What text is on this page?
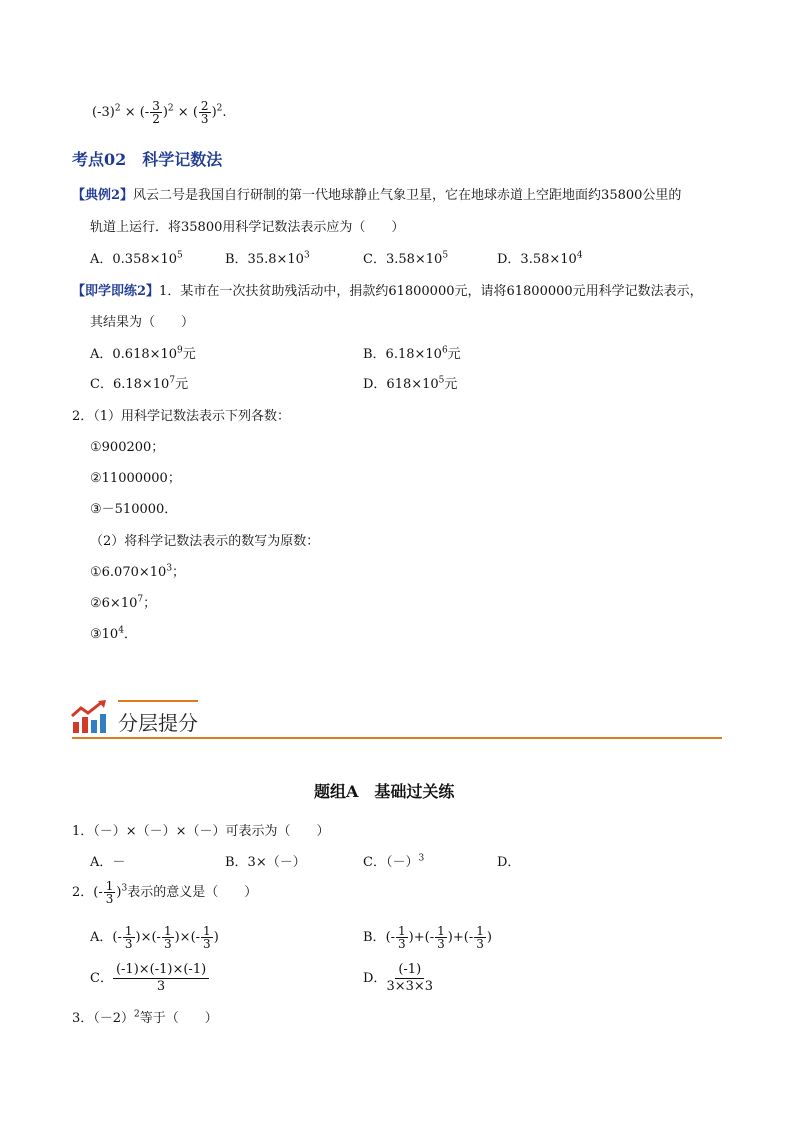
$(-3)^2$ × (- $\frac{3}{2} )^2$ × ( $\frac{2}{3} )^2$.
考点02　科学记数法
【典例2】风云二号是我国自行研制的第一代地球静止气象卫星，它在地球赤道上空距地面约35800公里的
轨道上运行．将35800用科学记数法表示应为（　　）
A．$0.358\times 10^5$	B．$35.8\times 10^3$	C．$3.58\times 10^5$	D．$3.58\times 10^4$
【即学即练2】1．某市在一次扶贫助残活动中，捐款约61800000元，请将61800000元用科学记数法表示，
其结果为（　　）
A．$0.618\times 10^9$元	B．$6.18\times 10^6$元
C．$6.18\times 10^7$元	D．$618\times 10^5$元
2．（1）用科学记数法表示下列各数：
①900200；
②11000000；
③－510000．
（2）将科学记数法表示的数写为原数：
$①6.070\times 10^3$；
$②6\times 10^7$；
$③10^4$．
分层提分
题组A　基础过关练
1．（－）×（－）×（－）可表示为（　　）
A．－	B．3×（－）	C．$(-)^3$	D．
2．(- $\frac{1}{3} )^3$表示的意义是（　　）
A．(- $\frac{1}{3}$ )×(- $\frac{1}{3}$ )×(- $\frac{1}{3}$ )	B．(- $\frac{1}{3}$ )+(- $\frac{1}{3}$ )+(- $\frac{1}{3}$ )
C． $\frac{(-1)\times(-1)\times(-1)}{3}$	D． $\frac{(-1)}{3\times 3\times 3}$
3．$(-2)^2$等于（　　）
